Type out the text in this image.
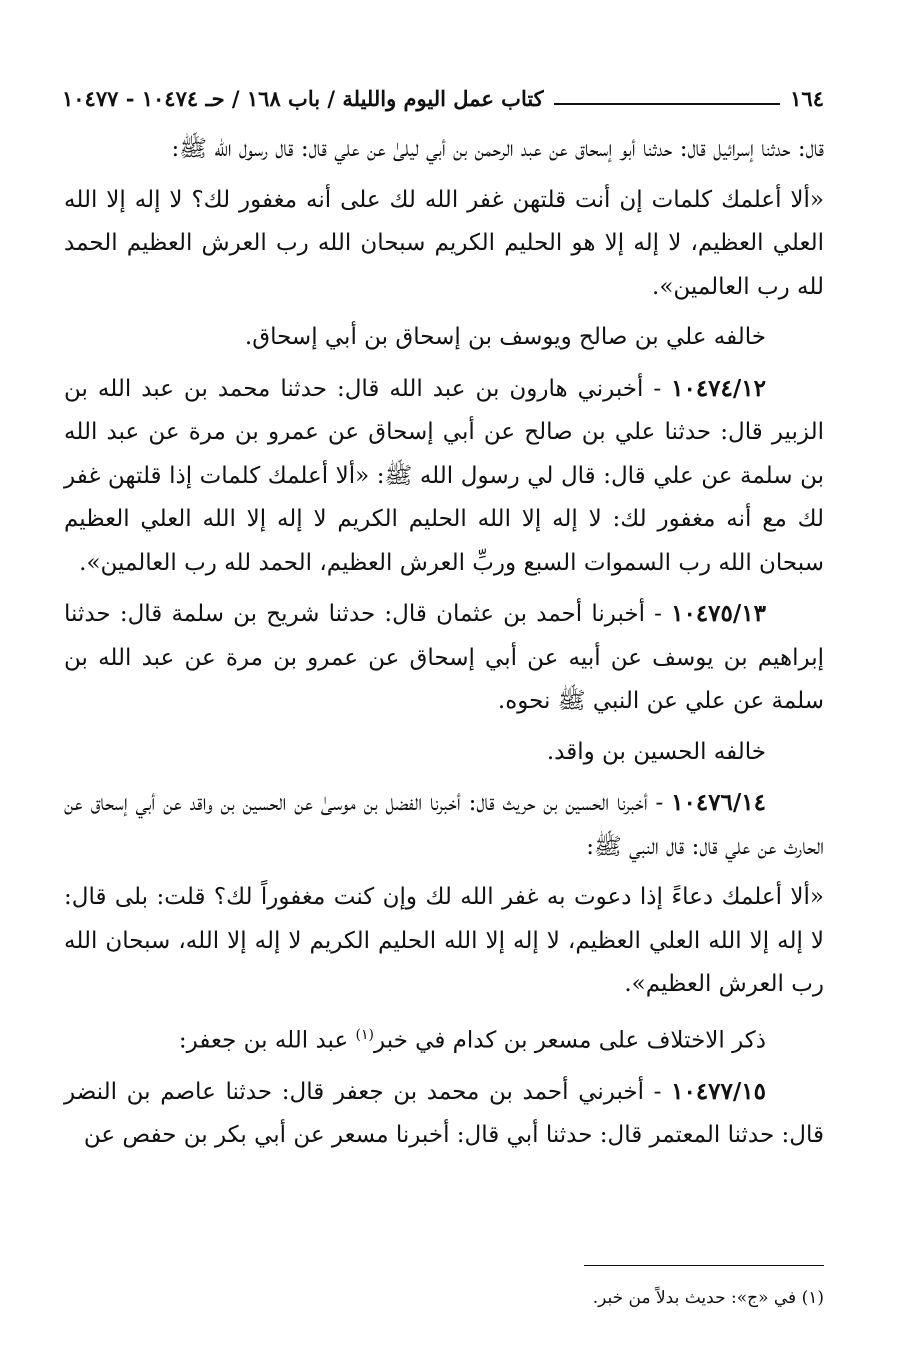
١٦٤
كتاب عمل اليوم والليلة / باب ١٦٨ / حـ ١٠٤٧٤ - ١٠٤٧٧

قال: حدثنا إسرائيل قال: حدثنا أبو إسحاق عن عبد الرحمن بن أبي ليلىٰ عن علي قال: قال رسول الله ﷺ:

«ألا أعلمك كلمات إن أنت قلتهن غفر الله لك على أنه مغفور لك؟ لا إله إلا الله العلي العظيم، لا إله إلا هو الحليم الكريم سبحان الله رب العرش العظيم الحمد لله رب العالمين».

خالفه علي بن صالح ويوسف بن إسحاق بن أبي إسحاق.

١٠٤٧٤/١٢ - أخبرني هارون بن عبد الله قال: حدثنا محمد بن عبد الله بن الزبير قال: حدثنا علي بن صالح عن أبي إسحاق عن عمرو بن مرة عن عبد الله بن سلمة عن علي قال: قال لي رسول الله ﷺ: «ألا أعلمك كلمات إذا قلتهن غفر لك مع أنه مغفور لك: لا إله إلا الله الحليم الكريم لا إله إلا الله العلي العظيم سبحان الله رب السموات السبع وربِّ العرش العظيم، الحمد لله رب العالمين».

١٠٤٧٥/١٣ - أخبرنا أحمد بن عثمان قال: حدثنا شريح بن سلمة قال: حدثنا إبراهيم بن يوسف عن أبيه عن أبي إسحاق عن عمرو بن مرة عن عبد الله بن سلمة عن علي عن النبي ﷺ نحوه.

خالفه الحسين بن واقد.

١٠٤٧٦/١٤ - أخبرنا الحسين بن حريث قال: أخبرنا الفضل بن موسىٰ عن الحسين بن واقد عن أبي إسحاق عن الحارث عن علي قال: قال النبي ﷺ:

«ألا أعلمك دعاءً إذا دعوت به غفر الله لك وإن كنت مغفوراً لك؟ قلت: بلى قال: لا إله إلا الله العلي العظيم، لا إله إلا الله الحليم الكريم لا إله إلا الله، سبحان الله رب العرش العظيم».

ذكر الاختلاف على مسعر بن كدام في خبر$^{(١)}$ عبد الله بن جعفر:

١٠٤٧٧/١٥ - أخبرني أحمد بن محمد بن جعفر قال: حدثنا عاصم بن النضر قال: حدثنا المعتمر قال: حدثنا أبي قال: أخبرنا مسعر عن أبي بكر بن حفص عن

(١) في «ج»: حديث بدلاً من خبر.
